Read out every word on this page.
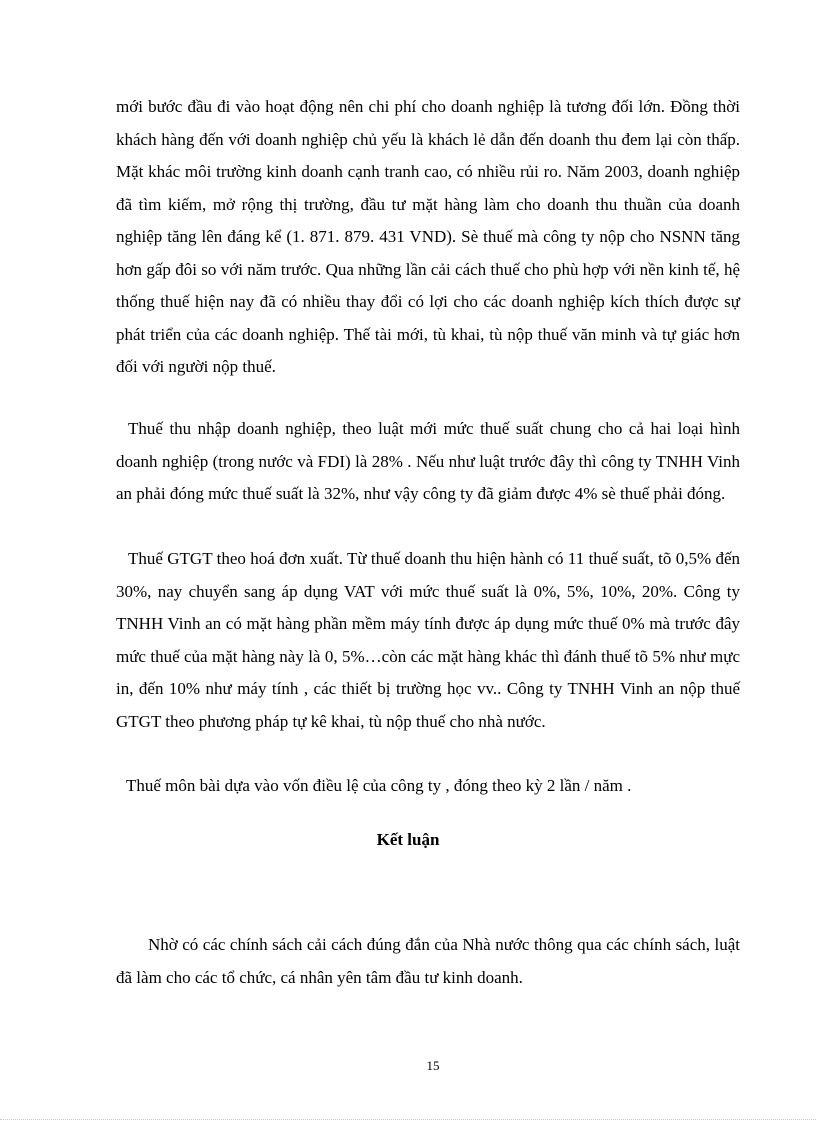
mới bước đầu đi vào hoạt động nên chi phí cho doanh nghiệp là tương đối lớn. Đồng thời khách hàng đến với doanh nghiệp chủ yếu là khách lẻ dẫn đến doanh thu đem lại còn thấp. Mặt khác môi trường kinh doanh cạnh tranh cao, có nhiều rủi ro. Năm 2003, doanh nghiệp đã tìm kiếm, mở rộng thị trường, đầu tư mặt hàng làm cho doanh thu thuần của doanh nghiệp tăng lên đáng kể (1. 871. 879. 431 VND). Sè thuế mà công ty nộp cho NSNN tăng hơn gấp đôi so với năm trước. Qua những lần cải cách thuế cho phù hợp với nền kinh tế, hệ thống thuế hiện nay đã có nhiều thay đổi có lợi cho các doanh nghiệp kích thích được sự phát triển của các doanh nghiệp. Thế tài mới, tù khai, tù nộp thuế văn minh và tự giác hơn đối với người nộp thuế.

Thuế thu nhập doanh nghiệp, theo luật mới mức thuế suất chung cho cả hai loại hình doanh nghiệp (trong nước và FDI) là 28% . Nếu như luật trước đây thì công ty TNHH Vinh an phải đóng mức thuế suất là 32%, như vậy công ty đã giảm được 4% sè thuế phải đóng.

Thuế GTGT theo hoá đơn xuất. Từ thuế doanh thu hiện hành có 11 thuế suất, tõ 0,5% đến 30%, nay chuyển sang áp dụng VAT với mức thuế suất là 0%, 5%, 10%, 20%. Công ty TNHH Vinh an có mặt hàng phần mềm máy tính được áp dụng mức thuế 0% mà trước đây mức thuế của mặt hàng này là 0, 5%…còn các mặt hàng khác thì đánh thuế tõ 5% như mực in, đến 10% như máy tính , các thiết bị trường học vv.. Công ty TNHH Vinh an nộp thuế GTGT theo phương pháp tự kê khai, tù nộp thuế cho nhà nước.

Thuế môn bài dựa vào vốn điều lệ của công ty , đóng theo kỳ 2 lần / năm .

Kết luận

Nhờ có các chính sách cải cách đúng đắn của Nhà nước thông qua các chính sách, luật đã làm cho các tổ chức, cá nhân yên tâm đầu tư kinh doanh.

15
